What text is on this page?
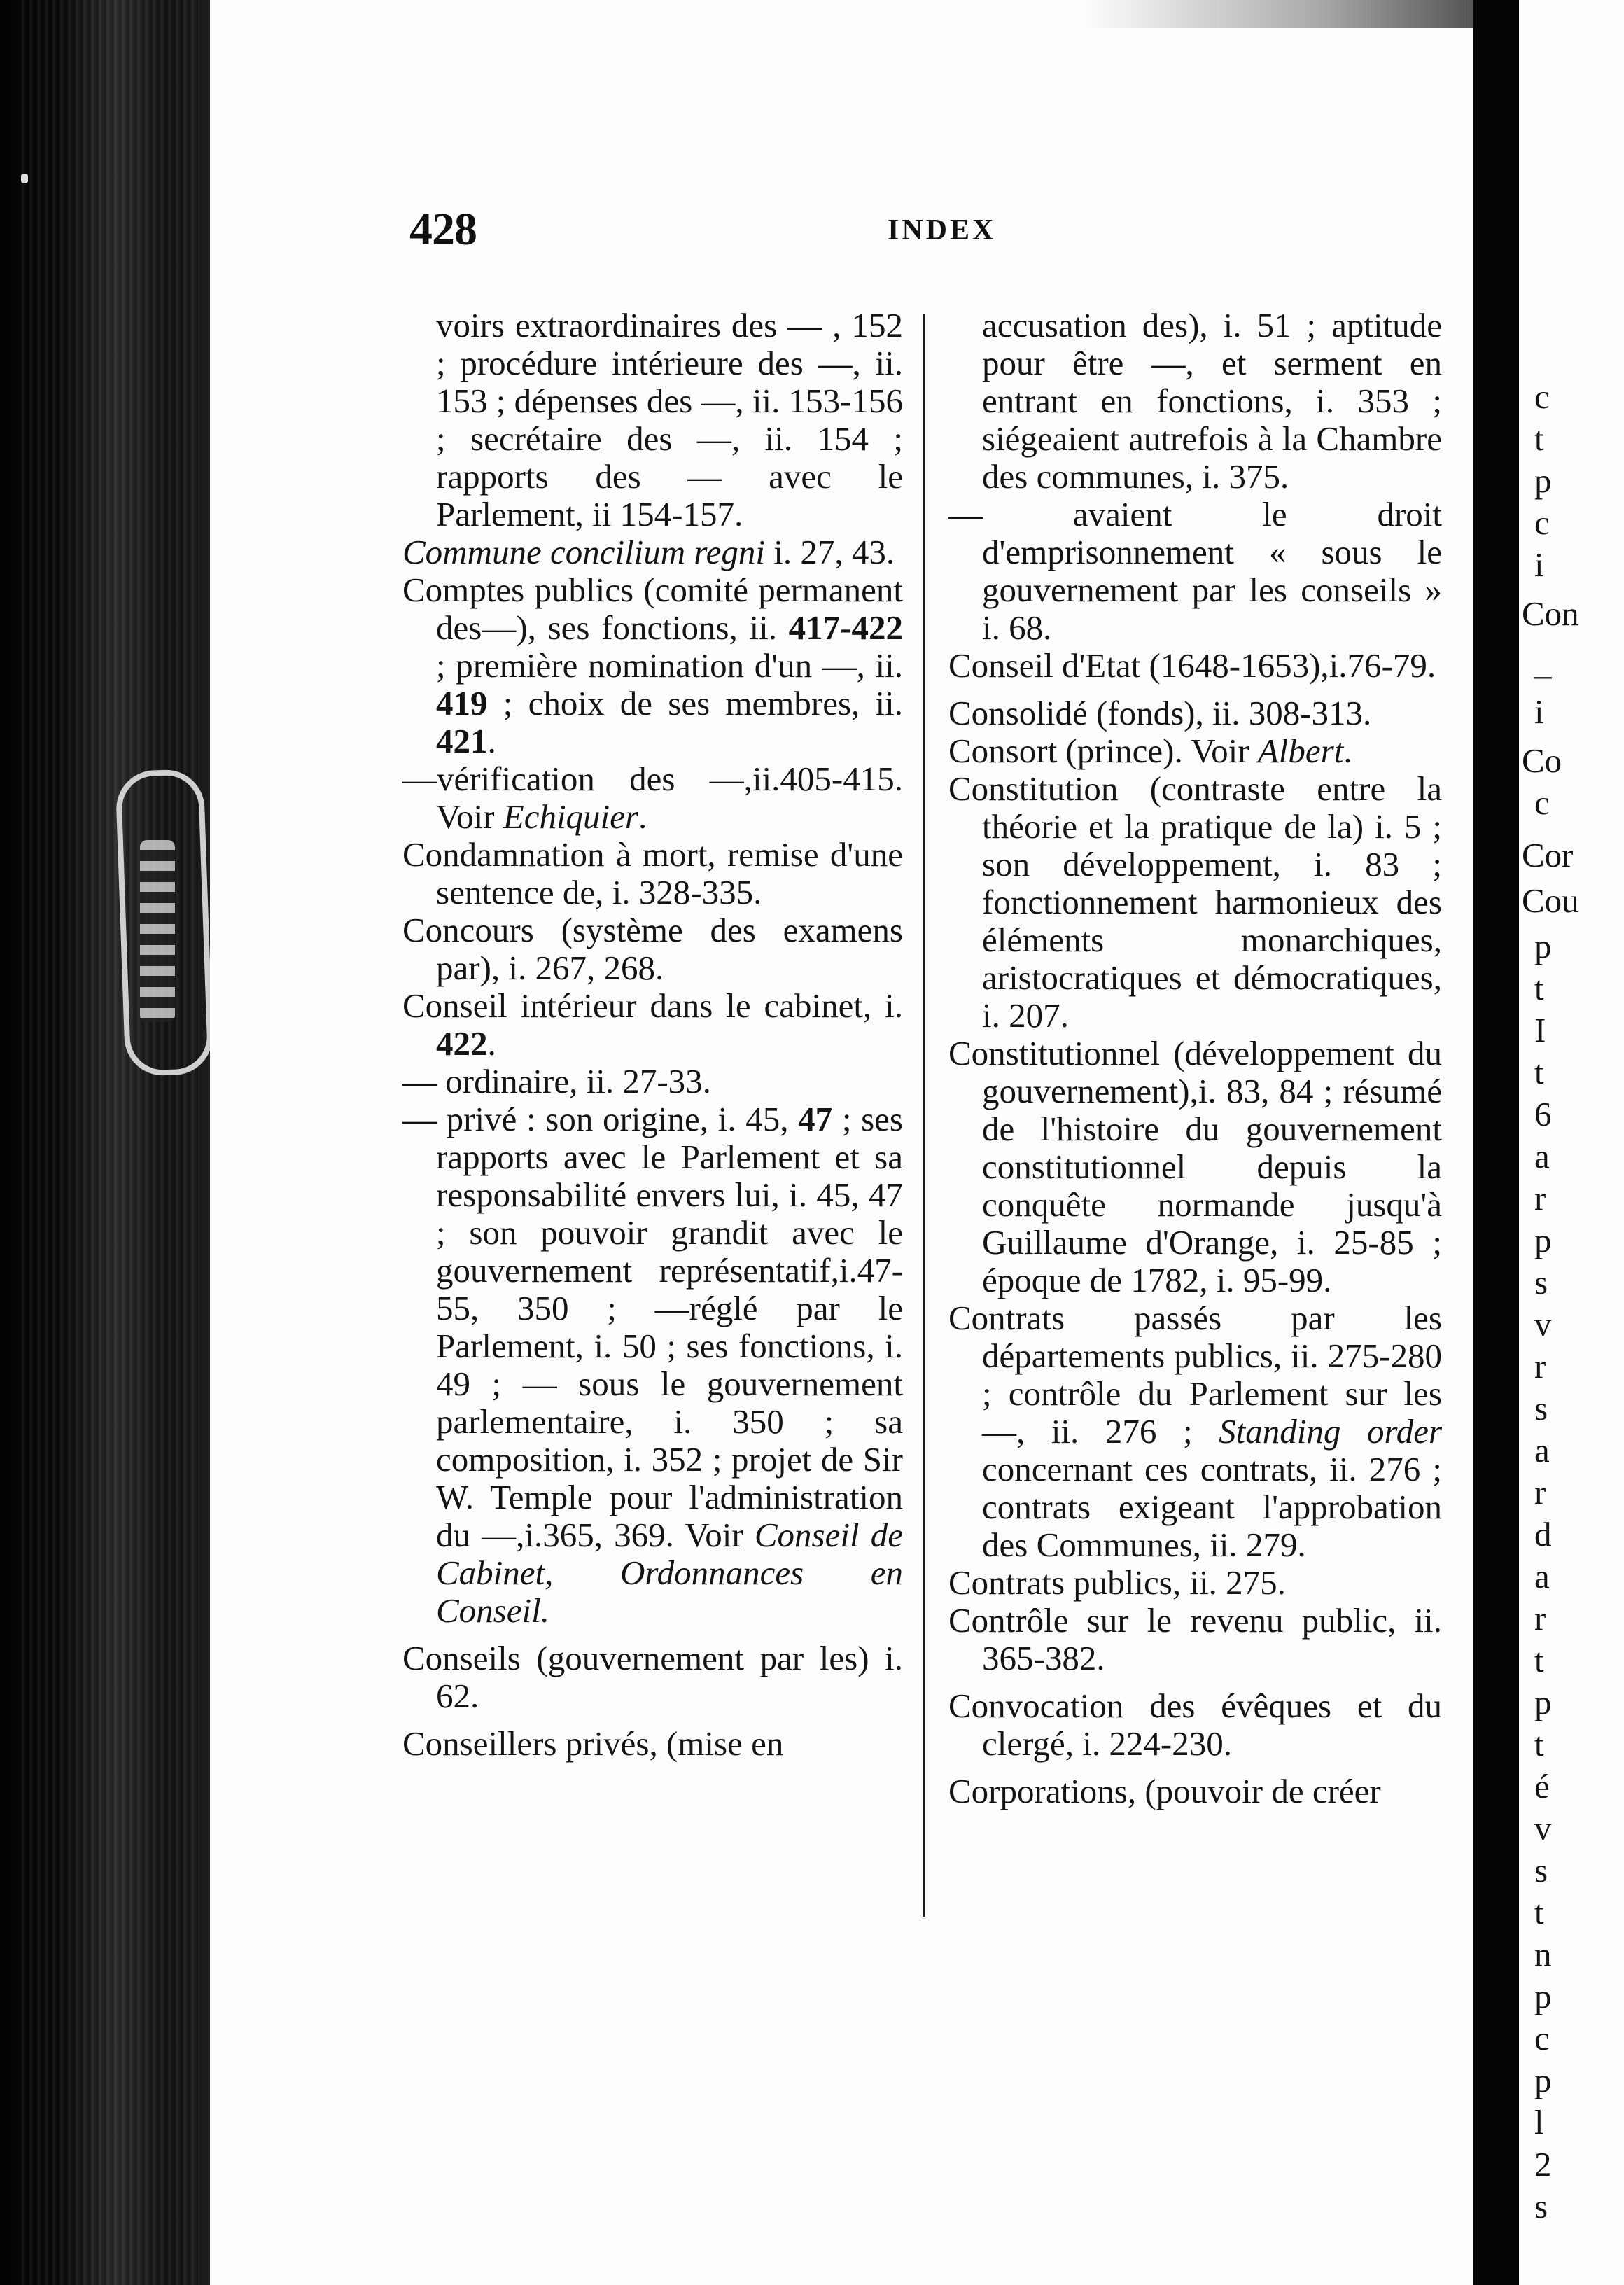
c
t
p
c
i
Con
_
i
Co
c
Cor
Cou
p
t
I
t
6
a
r
p
s
v
r
s
a
r
d
a
r
t
p
t
é
v
s
t
n
p
c
p
l
2
s
428	INDEX

voirs extraordinaires des — , 152 ; procédure intérieure des —, ii. 153 ; dépenses des —, ii. 153-156 ; secrétaire des —, ii. 154 ; rapports des — avec le Parlement, ii 154-157.

Commune concilium regni i. 27, 43.

Comptes publics (comité permanent des—), ses fonctions, ii. 417-422 ; première nomination d'un —, ii. 419 ; choix de ses membres, ii. 421.

—vérification des —,ii.405-415. Voir Echiquier.

Condamnation à mort, remise d'une sentence de, i. 328-335.

Concours (système des examens par), i. 267, 268.

Conseil intérieur dans le cabinet, i. 422.

— ordinaire, ii. 27-33.

— privé : son origine, i. 45, 47 ; ses rapports avec le Parlement et sa responsabilité envers lui, i. 45, 47 ; son pouvoir grandit avec le gouvernement représentatif,i.47-55, 350 ; —réglé par le Parlement, i. 50 ; ses fonctions, i. 49 ; — sous le gouvernement parlementaire, i. 350 ; sa composition, i. 352 ; projet de Sir W. Temple pour l'administration du —,i.365, 369. Voir Conseil de Cabinet, Ordonnances en Conseil.

Conseils (gouvernement par les) i. 62.

Conseillers privés, (mise en

accusation des), i. 51 ; aptitude pour être —, et serment en entrant en fonctions, i. 353 ; siégeaient autrefois à la Chambre des communes, i. 375.

— avaient le droit d'emprisonnement « sous le gouvernement par les conseils » i. 68.

Conseil d'Etat (1648-1653),i.76-79.

Consolidé (fonds), ii. 308-313.

Consort (prince). Voir Albert.

Constitution (contraste entre la théorie et la pratique de la) i. 5 ; son développement, i. 83 ; fonctionnement harmonieux des éléments monarchiques, aristocratiques et démocratiques, i. 207.

Constitutionnel (développement du gouvernement),i. 83, 84 ; résumé de l'histoire du gouvernement constitutionnel depuis la conquête normande jusqu'à Guillaume d'Orange, i. 25-85 ; époque de 1782, i. 95-99.

Contrats passés par les départements publics, ii. 275-280 ; contrôle du Parlement sur les —, ii. 276 ; Standing order concernant ces contrats, ii. 276 ; contrats exigeant l'approbation des Communes, ii. 279.

Contrats publics, ii. 275.

Contrôle sur le revenu public, ii. 365-382.

Convocation des évêques et du clergé, i. 224-230.

Corporations, (pouvoir de créer
